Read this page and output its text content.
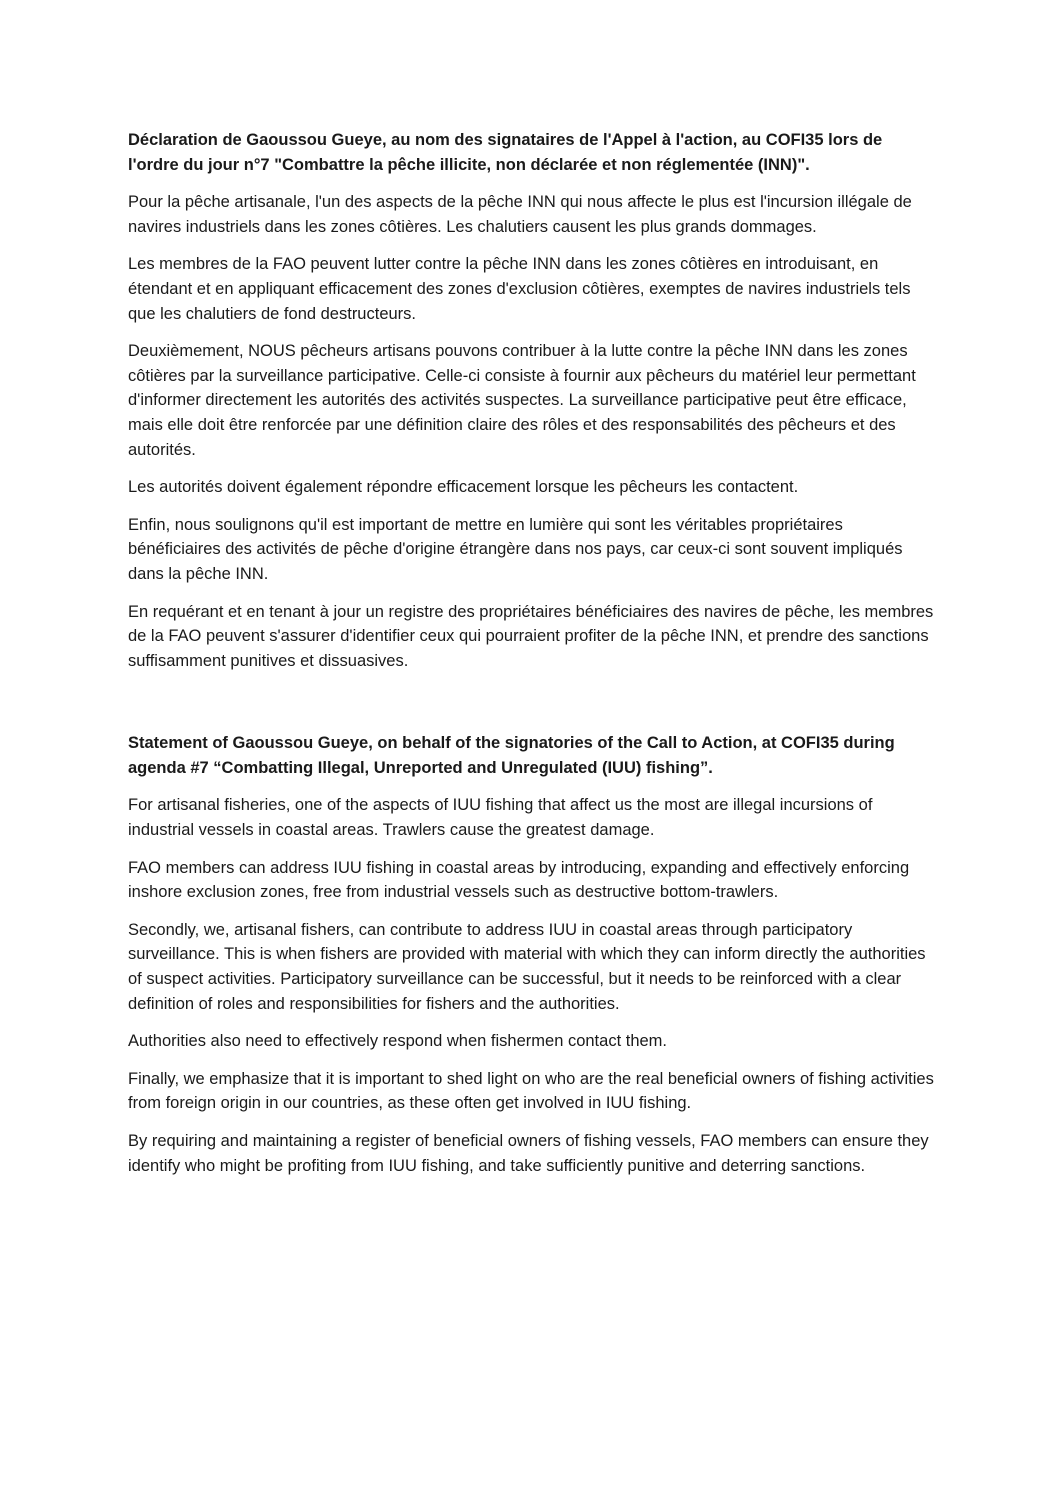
Déclaration de Gaoussou Gueye, au nom des signataires de l'Appel à l'action, au COFI35 lors de l'ordre du jour n°7 "Combattre la pêche illicite, non déclarée et non réglementée (INN)".

Pour la pêche artisanale, l'un des aspects de la pêche INN qui nous affecte le plus est l'incursion illégale de navires industriels dans les zones côtières. Les chalutiers causent les plus grands dommages.

Les membres de la FAO peuvent lutter contre la pêche INN dans les zones côtières en introduisant, en étendant et en appliquant efficacement des zones d'exclusion côtières, exemptes de navires industriels tels que les chalutiers de fond destructeurs.

Deuxièmement, NOUS pêcheurs artisans pouvons contribuer à la lutte contre la pêche INN dans les zones côtières par la surveillance participative. Celle-ci consiste à fournir aux pêcheurs du matériel leur permettant d'informer directement les autorités des activités suspectes. La surveillance participative peut être efficace, mais elle doit être renforcée par une définition claire des rôles et des responsabilités des pêcheurs et des autorités.

Les autorités doivent également répondre efficacement lorsque les pêcheurs les contactent.

Enfin, nous soulignons qu'il est important de mettre en lumière qui sont les véritables propriétaires bénéficiaires des activités de pêche d'origine étrangère dans nos pays, car ceux-ci sont souvent impliqués dans la pêche INN.

En requérant et en tenant à jour un registre des propriétaires bénéficiaires des navires de pêche, les membres de la FAO peuvent s'assurer d'identifier ceux qui pourraient profiter de la pêche INN, et prendre des sanctions suffisamment punitives et dissuasives.

Statement of Gaoussou Gueye, on behalf of the signatories of the Call to Action, at COFI35 during agenda #7 “Combatting Illegal, Unreported and Unregulated (IUU) fishing”.

For artisanal fisheries, one of the aspects of IUU fishing that affect us the most are illegal incursions of industrial vessels in coastal areas. Trawlers cause the greatest damage.

FAO members can address IUU fishing in coastal areas by introducing, expanding and effectively enforcing inshore exclusion zones, free from industrial vessels such as destructive bottom-trawlers.

Secondly, we, artisanal fishers, can contribute to address IUU in coastal areas through participatory surveillance. This is when fishers are provided with material with which they can inform directly the authorities of suspect activities. Participatory surveillance can be successful, but it needs to be reinforced with a clear definition of roles and responsibilities for fishers and the authorities.

Authorities also need to effectively respond when fishermen contact them.

Finally, we emphasize that it is important to shed light on who are the real beneficial owners of fishing activities from foreign origin in our countries, as these often get involved in IUU fishing.

By requiring and maintaining a register of beneficial owners of fishing vessels, FAO members can ensure they identify who might be profiting from IUU fishing, and take sufficiently punitive and deterring sanctions.
